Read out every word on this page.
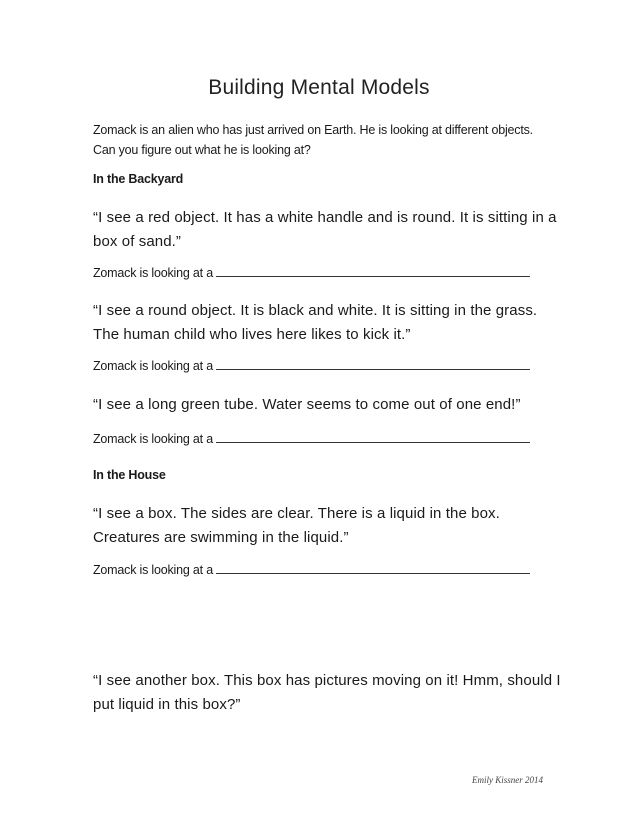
Building Mental Models
Zomack is an alien who has just arrived on Earth. He is looking at different objects. Can you figure out what he is looking at?
In the Backyard
“I see a red object. It has a white handle and is round. It is sitting in a box of sand.”
Zomack is looking at a
“I see a round object. It is black and white. It is sitting in the grass. The human child who lives here likes to kick it.”
Zomack is looking at a
“I see a long green tube. Water seems to come out of one end!”
Zomack is looking at a
In the House
“I see a box. The sides are clear. There is a liquid in the box. Creatures are swimming in the liquid.”
Zomack is looking at a
“I see another box. This box has pictures moving on it! Hmm, should I put liquid in this box?”
Emily Kissner 2014
